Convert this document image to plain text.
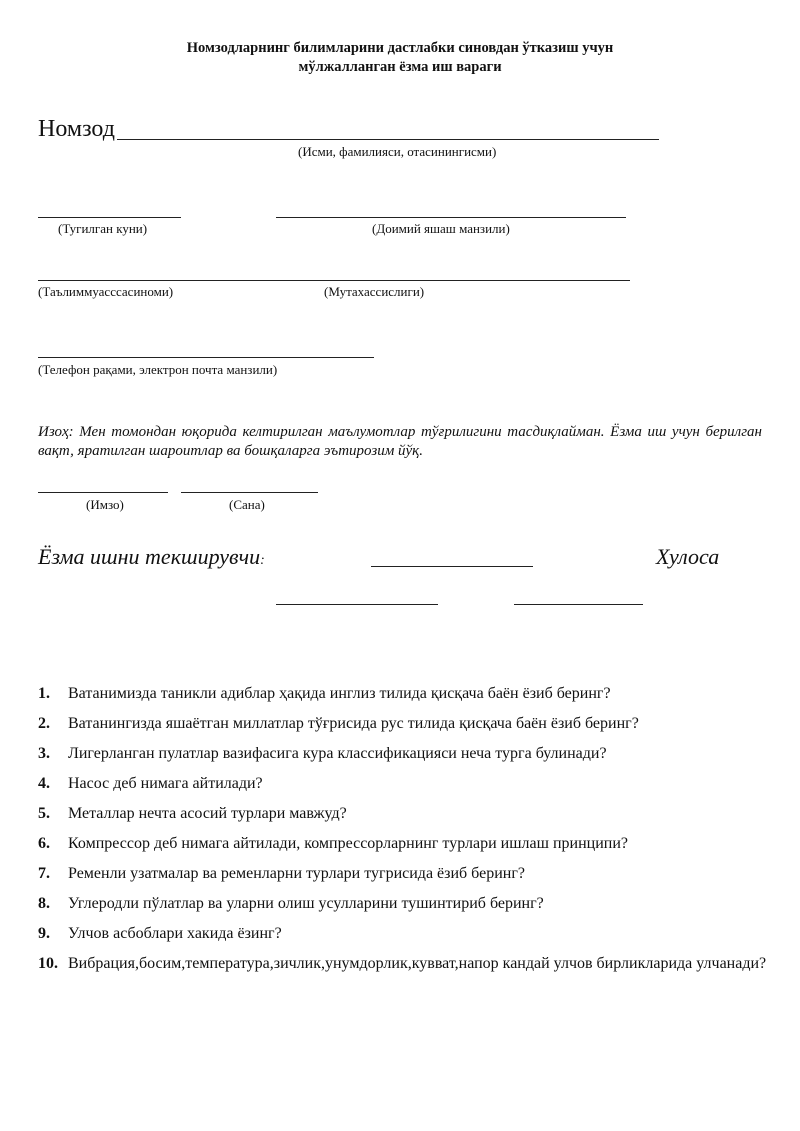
Номзодларнинг билимларини дастлабки синовдан ўтказиш учун
мўлжалланган ёзма иш вараги
Номзод
(Исми, фамилияси, отасинингисми)
(Тугилган куни)	(Доимий яшаш манзили)
(Таълиммуасссасиноми)	(Мутахассислиги)
(Телефон рақами, электрон почта манзили)
Изоҳ: Мен томондан юқорида келтирилган маълумотлар тўғрилигини тасдиқлайман. Ёзма иш учун берилган вақт, яратилган шароитлар ва бошқаларга эътирозим йўқ.
(Имзо)	(Сана)
Ёзма ишни текширувчи:	Хулоса
1. Ватанимизда таникли адиблар ҳақида инглиз тилида қисқача баён ёзиб беринг?
2. Ватанингизда яшаётган миллатлар тўғрисида рус тилида қисқача баён ёзиб беринг?
3. Лигерланган пулатлар вазифасига кура классификацияси неча турга булинади?
4. Насос деб нимага айтилади?
5. Металлар нечта асосий турлари мавжуд?
6. Компрессор деб нимага айтилади, компрессорларнинг турлари ишлаш принципи?
7. Ременли узатмалар ва ременларни турлари тугрисида ёзиб беринг?
8. Углеродли пўлатлар ва уларни олиш усулларини тушинтириб беринг?
9. Улчов асбоблари хакида ёзинг?
10. Вибрация,босим,температура,зичлик,унумдорлик,кувват,напор кандай улчов бирликларида улчанади?
